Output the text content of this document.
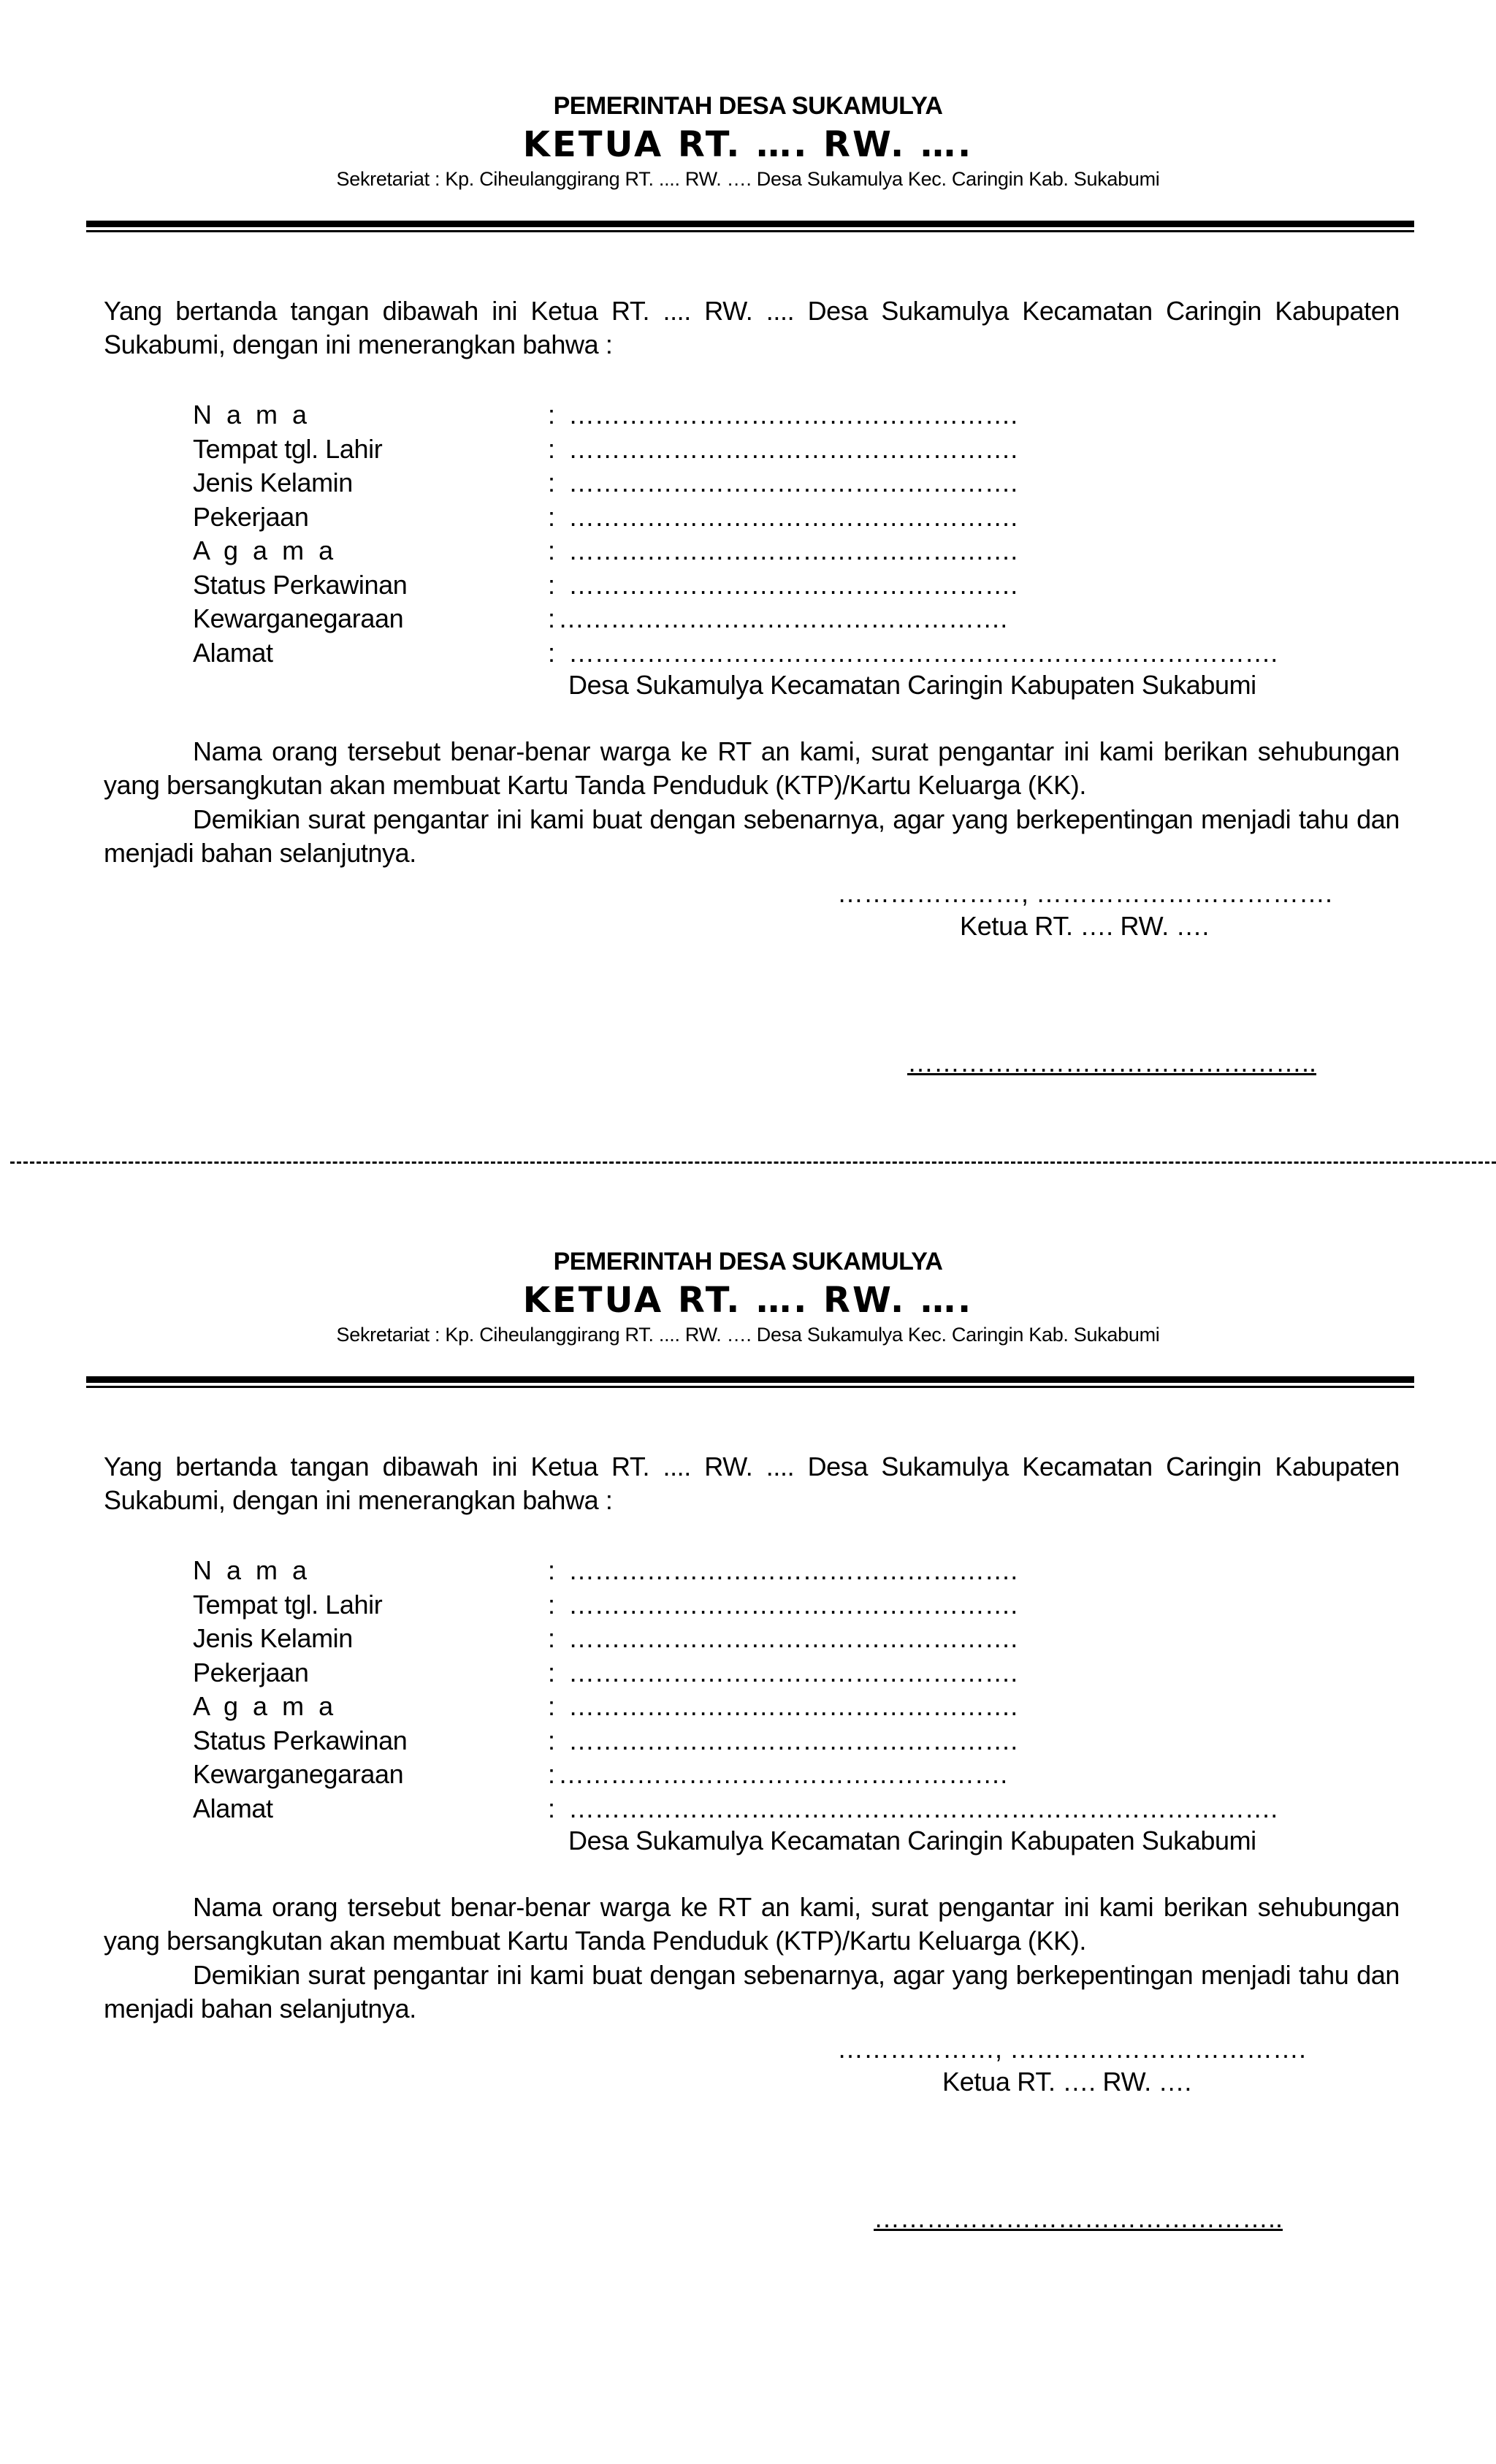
PEMERINTAH DESA SUKAMULYA
KETUA RT. …. RW. ….
Sekretariat : Kp. Ciheulanggirang RT. .... RW. …. Desa Sukamulya Kec. Caringin Kab. Sukabumi
Yang bertanda tangan dibawah ini Ketua RT. .... RW. .... Desa Sukamulya Kecamatan Caringin Kabupaten Sukabumi, dengan ini menerangkan bahwa :
N a m a	: …………………………………………….
Tempat tgl. Lahir	: …………………………………………….
Jenis Kelamin	: …………………………………………….
Pekerjaan	: …………………………………………….
A g a m a	: …………………………………………….
Status Perkawinan	: …………………………………………….
Kewarganegaraan	: …………………………………………….
Alamat	: ……………………………………………………………………….
Desa Sukamulya Kecamatan Caringin Kabupaten Sukabumi
Nama orang tersebut benar-benar warga ke RT an kami, surat pengantar ini kami berikan sehubungan yang bersangkutan akan membuat Kartu Tanda Penduduk (KTP)/Kartu Keluarga (KK).
Demikian surat pengantar ini kami buat dengan sebenarnya, agar yang berkepentingan menjadi tahu dan menjadi bahan selanjutnya.
…………………, …………………………….
Ketua RT. …. RW. ….
………………………………………..
PEMERINTAH DESA SUKAMULYA
KETUA RT. …. RW. ….
Sekretariat : Kp. Ciheulanggirang RT. .... RW. …. Desa Sukamulya Kec. Caringin Kab. Sukabumi
Yang bertanda tangan dibawah ini Ketua RT. .... RW. .... Desa Sukamulya Kecamatan Caringin Kabupaten Sukabumi, dengan ini menerangkan bahwa :
N a m a	: …………………………………………….
Tempat tgl. Lahir	: …………………………………………….
Jenis Kelamin	: …………………………………………….
Pekerjaan	: …………………………………………….
A g a m a	: …………………………………………….
Status Perkawinan	: …………………………………………….
Kewarganegaraan	: …………………………………………….
Alamat	: ……………………………………………………………………….
Desa Sukamulya Kecamatan Caringin Kabupaten Sukabumi
Nama orang tersebut benar-benar warga ke RT an kami, surat pengantar ini kami berikan sehubungan yang bersangkutan akan membuat Kartu Tanda Penduduk (KTP)/Kartu Keluarga (KK).
Demikian surat pengantar ini kami buat dengan sebenarnya, agar yang berkepentingan menjadi tahu dan menjadi bahan selanjutnya.
………………, …………………………….
Ketua RT. …. RW. ….
………………………………………..
